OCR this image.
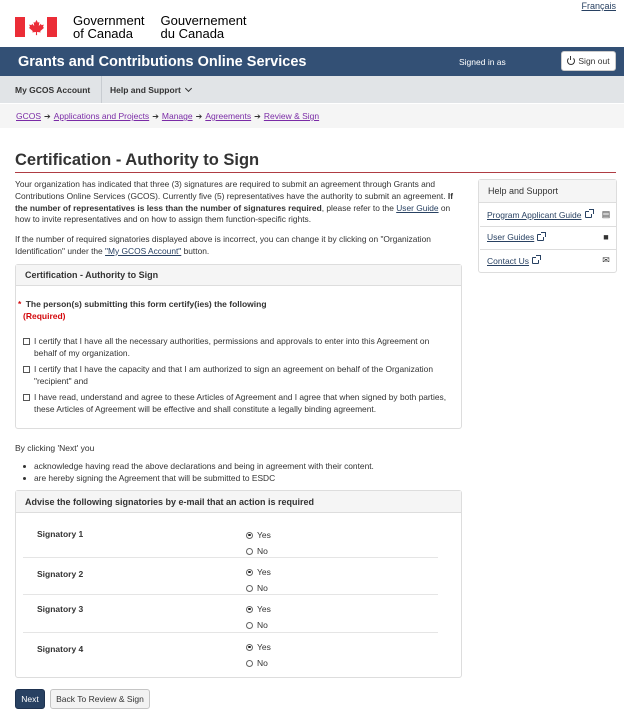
Français
Government
of Canada
Gouvernement
du Canada
Grants and Contributions Online Services	Signed in as	Sign out
My GCOS Account Help and Support
GCOS ➔ Applications and Projects ➔ Manage ➔ Agreements ➔ Review & Sign
Certification - Authority to Sign

Your organization has indicated that three (3) signatures are required to submit an agreement through Grants and Contributions Online Services (GCOS). Currently five (5) representatives have the authority to submit an agreement. If the number of representatives is less than the number of signatures required, please refer to the User Guide on how to invite representatives and on how to assign them function-specific rights.

If the number of required signatories displayed above is incorrect, you can change it by clicking on "Organization Identification" under the "My GCOS Account" button.

Certification - Authority to Sign
* The person(s) submitting this form certify(ies) the following
(Required)
I certify that I have all the necessary authorities, permissions and approvals to enter into this Agreement on behalf of my organization.
I certify that I have the capacity and that I am authorized to sign an agreement on behalf of the Organization "recipient" and
I have read, understand and agree to these Articles of Agreement and I agree that when signed by both parties, these Articles of Agreement will be effective and shall constitute a legally binding agreement.
By clicking 'Next' you
acknowledge having read the above declarations and being in agreement with their content.
are hereby signing the Agreement that will be submitted to ESDC
Advise the following signatories by e-mail that an action is required
Signatory 1	Yes
No
Signatory 2	Yes
No
Signatory 3	Yes
No
Signatory 4	Yes
No
Help and Support
Program Applicant Guide ▤
User Guides	■
Contact Us	✉
Next	Back To Review & Sign
